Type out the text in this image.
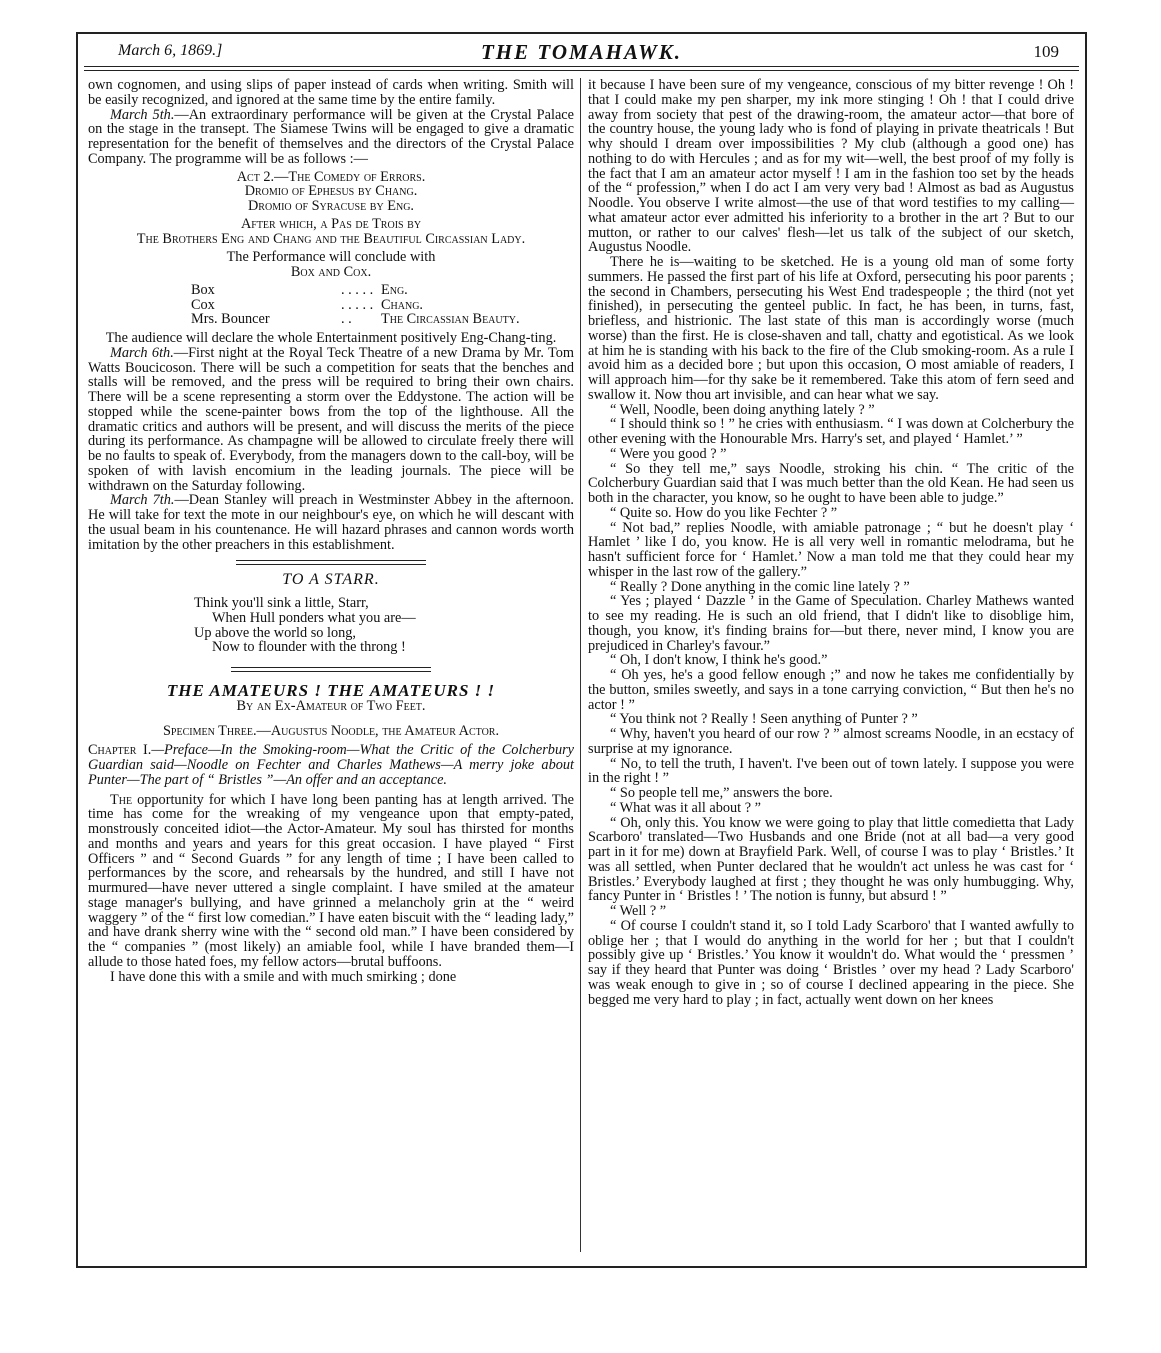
THE TOMAHAWK.
March 6, 1869.]	109

own cognomen, and using slips of paper instead of cards when writing. Smith will be easily recognized, and ignored at the same time by the entire family.

March 5th.—An extraordinary performance will be given at the Crystal Palace on the stage in the transept. The Siamese Twins will be engaged to give a dramatic representation for the benefit of themselves and the directors of the Crystal Palace Company. The programme will be as follows :—

Act 2.—The Comedy of Errors.

Dromio of Ephesus by Chang.

Dromio of Syracuse by Eng.

After which, a Pas de Trois by

The Brothers Eng and Chang and the Beautiful Circassian Lady.

The Performance will conclude with

Box and Cox.

Box	. . . . . Eng.
Cox	. . . . . Chang.
Mrs. Bouncer	. .	The Circassian Beauty.

The audience will declare the whole Entertainment positively Eng-Chang-ting.

March 6th.—First night at the Royal Teck Theatre of a new Drama by Mr. Tom Watts Boucicoson. There will be such a competition for seats that the benches and stalls will be removed, and the press will be required to bring their own chairs. There will be a scene representing a storm over the Eddystone. The action will be stopped while the scene-painter bows from the top of the lighthouse. All the dramatic critics and authors will be present, and will discuss the merits of the piece during its performance. As champagne will be allowed to circulate freely there will be no faults to speak of. Everybody, from the managers down to the call-boy, will be spoken of with lavish encomium in the leading journals. The piece will be withdrawn on the Saturday following.

March 7th.—Dean Stanley will preach in Westminster Abbey in the afternoon. He will take for text the mote in our neighbour's eye, on which he will descant with the usual beam in his countenance. He will hazard phrases and cannon words worth imitation by the other preachers in this establishment.

TO A STARR.

Think you'll sink a little, Starr,

When Hull ponders what you are—

Up above the world so long,

Now to flounder with the throng !

THE AMATEURS ! THE AMATEURS ! !

By an Ex-Amateur of Two Feet.

Specimen Three.—Augustus Noodle, the Amateur Actor.

Chapter I.—Preface—In the Smoking-room—What the Critic of the Colcherbury Guardian said—Noodle on Fechter and Charles Mathews—A merry joke about Punter—The part of “ Bristles ”—An offer and an acceptance.

The opportunity for which I have long been panting has at length arrived. The time has come for the wreaking of my vengeance upon that empty-pated, monstrously conceited idiot—the Actor-Amateur. My soul has thirsted for months and months and years and years for this great occasion. I have played “ First Officers ” and “ Second Guards ” for any length of time ; I have been called to performances by the score, and rehearsals by the hundred, and still I have not murmured—have never uttered a single complaint. I have smiled at the amateur stage manager's bullying, and have grinned a melancholy grin at the “ weird waggery ” of the “ first low comedian.” I have eaten biscuit with the “ leading lady,” and have drank sherry wine with the “ second old man.” I have been considered by the “ companies ” (most likely) an amiable fool, while I have branded them—I allude to those hated foes, my fellow actors—brutal buffoons.

I have done this with a smile and with much smirking ; done

it because I have been sure of my vengeance, conscious of my bitter revenge ! Oh ! that I could make my pen sharper, my ink more stinging ! Oh ! that I could drive away from society that pest of the drawing-room, the amateur actor—that bore of the country house, the young lady who is fond of playing in private theatricals ! But why should I dream over impossibilities ? My club (although a good one) has nothing to do with Hercules ; and as for my wit—well, the best proof of my folly is the fact that I am an amateur actor myself ! I am in the fashion too set by the heads of the “ profession,” when I do act I am very very bad ! Almost as bad as Augustus Noodle. You observe I write almost—the use of that word testifies to my calling—what amateur actor ever admitted his inferiority to a brother in the art ? But to our mutton, or rather to our calves' flesh—let us talk of the subject of our sketch, Augustus Noodle.

There he is—waiting to be sketched. He is a young old man of some forty summers. He passed the first part of his life at Oxford, persecuting his poor parents ; the second in Chambers, persecuting his West End tradespeople ; the third (not yet finished), in persecuting the genteel public. In fact, he has been, in turns, fast, briefless, and histrionic. The last state of this man is accordingly worse (much worse) than the first. He is close-shaven and tall, chatty and egotistical. As we look at him he is standing with his back to the fire of the Club smoking-room. As a rule I avoid him as a decided bore ; but upon this occasion, O most amiable of readers, I will approach him—for thy sake be it remembered. Take this atom of fern seed and swallow it. Now thou art invisible, and can hear what we say.

“ Well, Noodle, been doing anything lately ? ”

“ I should think so ! ” he cries with enthusiasm. “ I was down at Colcherbury the other evening with the Honourable Mrs. Harry's set, and played ‘ Hamlet.’ ”

“ Were you good ? ”

“ So they tell me,” says Noodle, stroking his chin. “ The critic of the Colcherbury Guardian said that I was much better than the old Kean. He had seen us both in the character, you know, so he ought to have been able to judge.”

“ Quite so. How do you like Fechter ? ”

“ Not bad,” replies Noodle, with amiable patronage ; “ but he doesn't play ‘ Hamlet ’ like I do, you know. He is all very well in romantic melodrama, but he hasn't sufficient force for ‘ Hamlet.’ Now a man told me that they could hear my whisper in the last row of the gallery.”

“ Really ? Done anything in the comic line lately ? ”

“ Yes ; played ‘ Dazzle ’ in the Game of Speculation. Charley Mathews wanted to see my reading. He is such an old friend, that I didn't like to disoblige him, though, you know, it's finding brains for—but there, never mind, I know you are prejudiced in Charley's favour.”

“ Oh, I don't know, I think he's good.”

“ Oh yes, he's a good fellow enough ;” and now he takes me confidentially by the button, smiles sweetly, and says in a tone carrying conviction, “ But then he's no actor ! ”

“ You think not ? Really ! Seen anything of Punter ? ”

“ Why, haven't you heard of our row ? ” almost screams Noodle, in an ecstacy of surprise at my ignorance.

“ No, to tell the truth, I haven't. I've been out of town lately. I suppose you were in the right ! ”

“ So people tell me,” answers the bore.

“ What was it all about ? ”

“ Oh, only this. You know we were going to play that little comedietta that Lady Scarboro' translated—Two Husbands and one Bride (not at all bad—a very good part in it for me) down at Brayfield Park. Well, of course I was to play ‘ Bristles.’ It was all settled, when Punter declared that he wouldn't act unless he was cast for ‘ Bristles.’ Everybody laughed at first ; they thought he was only humbugging. Why, fancy Punter in ‘ Bristles ! ’ The notion is funny, but absurd ! ”

“ Well ? ”

“ Of course I couldn't stand it, so I told Lady Scarboro' that I wanted awfully to oblige her ; that I would do anything in the world for her ; but that I couldn't possibly give up ‘ Bristles.’ You know it wouldn't do. What would the ‘ pressmen ’ say if they heard that Punter was doing ‘ Bristles ’ over my head ? Lady Scarboro' was weak enough to give in ; so of course I declined appearing in the piece. She begged me very hard to play ; in fact, actually went down on her knees
